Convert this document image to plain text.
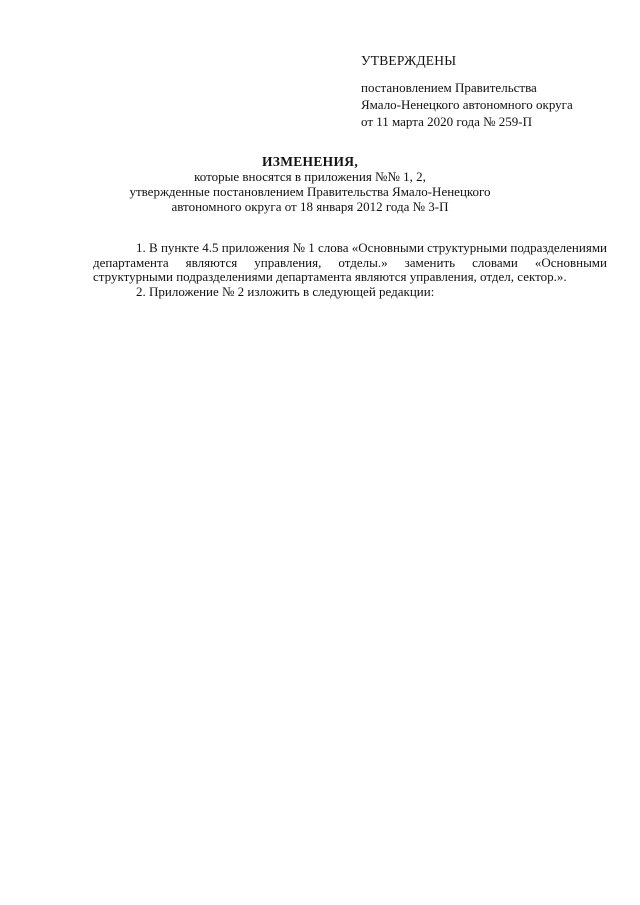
УТВЕРЖДЕНЫ
постановлением Правительства
Ямало-Ненецкого автономного округа
от 11 марта 2020 года № 259-П
ИЗМЕНЕНИЯ,
которые вносятся в приложения №№ 1, 2,
утвержденные постановлением Правительства Ямало-Ненецкого
автономного округа от 18 января 2012 года № 3-П

1. В пункте 4.5 приложения № 1 слова «Основными структурными подразделениями департамента являются управления, отделы.» заменить словами «Основными структурными подразделениями департамента являются управления, отдел, сектор.».

2. Приложение № 2 изложить в следующей редакции:
